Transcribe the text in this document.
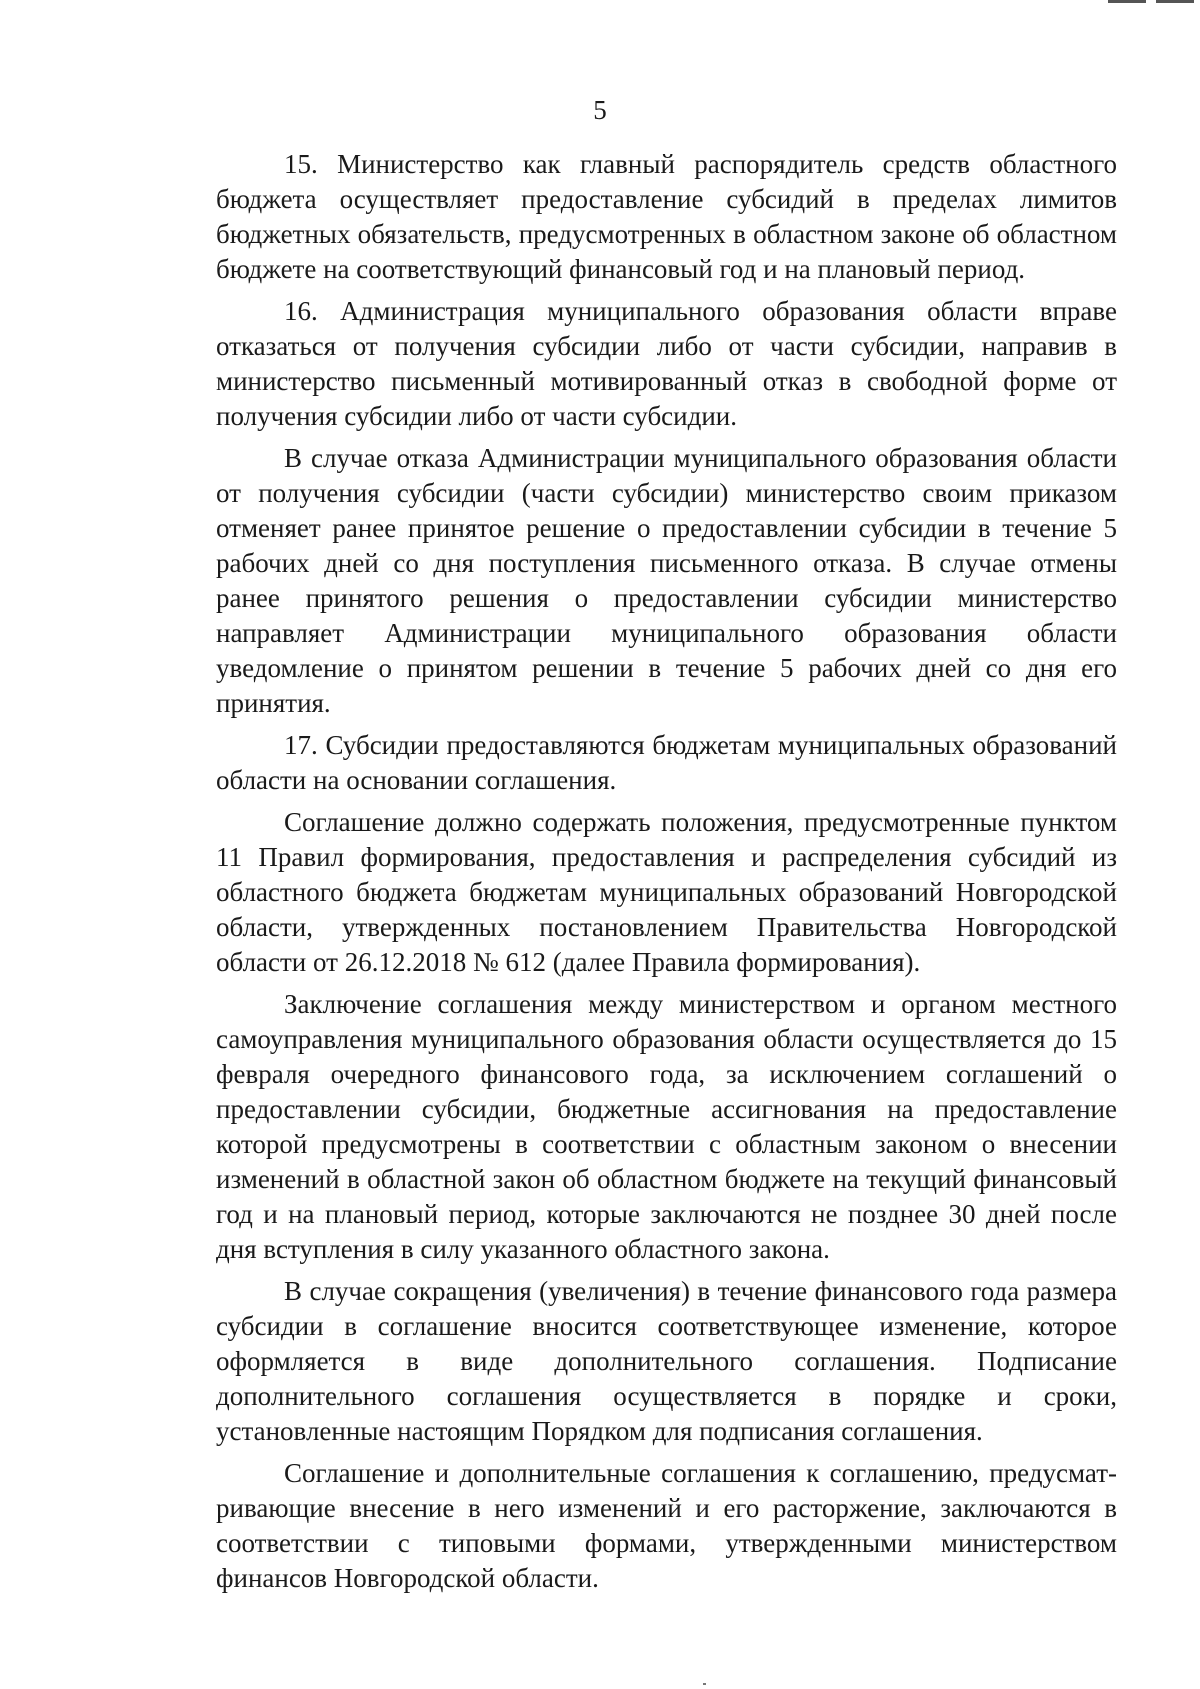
5

15. Министерство как главный распорядитель средств областного бюджета осуществляет предоставление субсидий в пределах лимитов бюджетных обязательств, предусмотренных в областном законе об областном бюджете на соответствующий финансовый год и на плановый период.

16. Администрация муниципального образования области вправе отказаться от получения субсидии либо от части субсидии, направив в министерство письменный мотивированный отказ в свободной форме от получения субсидии либо от части субсидии.

В случае отказа Администрации муниципального образования области от получения субсидии (части субсидии) министерство своим приказом отменяет ранее принятое решение о предоставлении субсидии в течение 5 рабочих дней со дня поступления письменного отказа. В случае отмены ранее принятого решения о предоставлении субсидии министерство направляет Администрации муниципального образования области уведомление о принятом решении в течение 5 рабочих дней со дня его принятия.

17. Субсидии предоставляются бюджетам муниципальных образований области на основании соглашения.

Соглашение должно содержать положения, предусмотренные пунктом 11 Правил формирования, предоставления и распределения субсидий из областного бюджета бюджетам муниципальных образований Новгородской области, утвержденных постановлением Правительства Новгородской области от 26.12.2018 № 612 (далее Правила формирования).

Заключение соглашения между министерством и органом местного самоуправления муниципального образования области осуществляется до 15 февраля очередного финансового года, за исключением соглашений о предоставлении субсидии, бюджетные ассигнования на предоставление которой предусмотрены в соответствии с областным законом о внесении изменений в областной закон об областном бюджете на текущий финансовый год и на плановый период, которые заключаются не позднее 30 дней после дня вступления в силу указанного областного закона.

В случае сокращения (увеличения) в течение финансового года размера субсидии в соглашение вносится соответствующее изменение, которое оформляется в виде дополнительного соглашения. Подписание дополнительного соглашения осуществляется в порядке и сроки, установленные настоящим Порядком для подписания соглашения.

Соглашение и дополнительные соглашения к соглашению, предусматривающие внесение в него изменений и его расторжение, заключаются в соответствии с типовыми формами, утвержденными министерством финансов Новгородской области.
